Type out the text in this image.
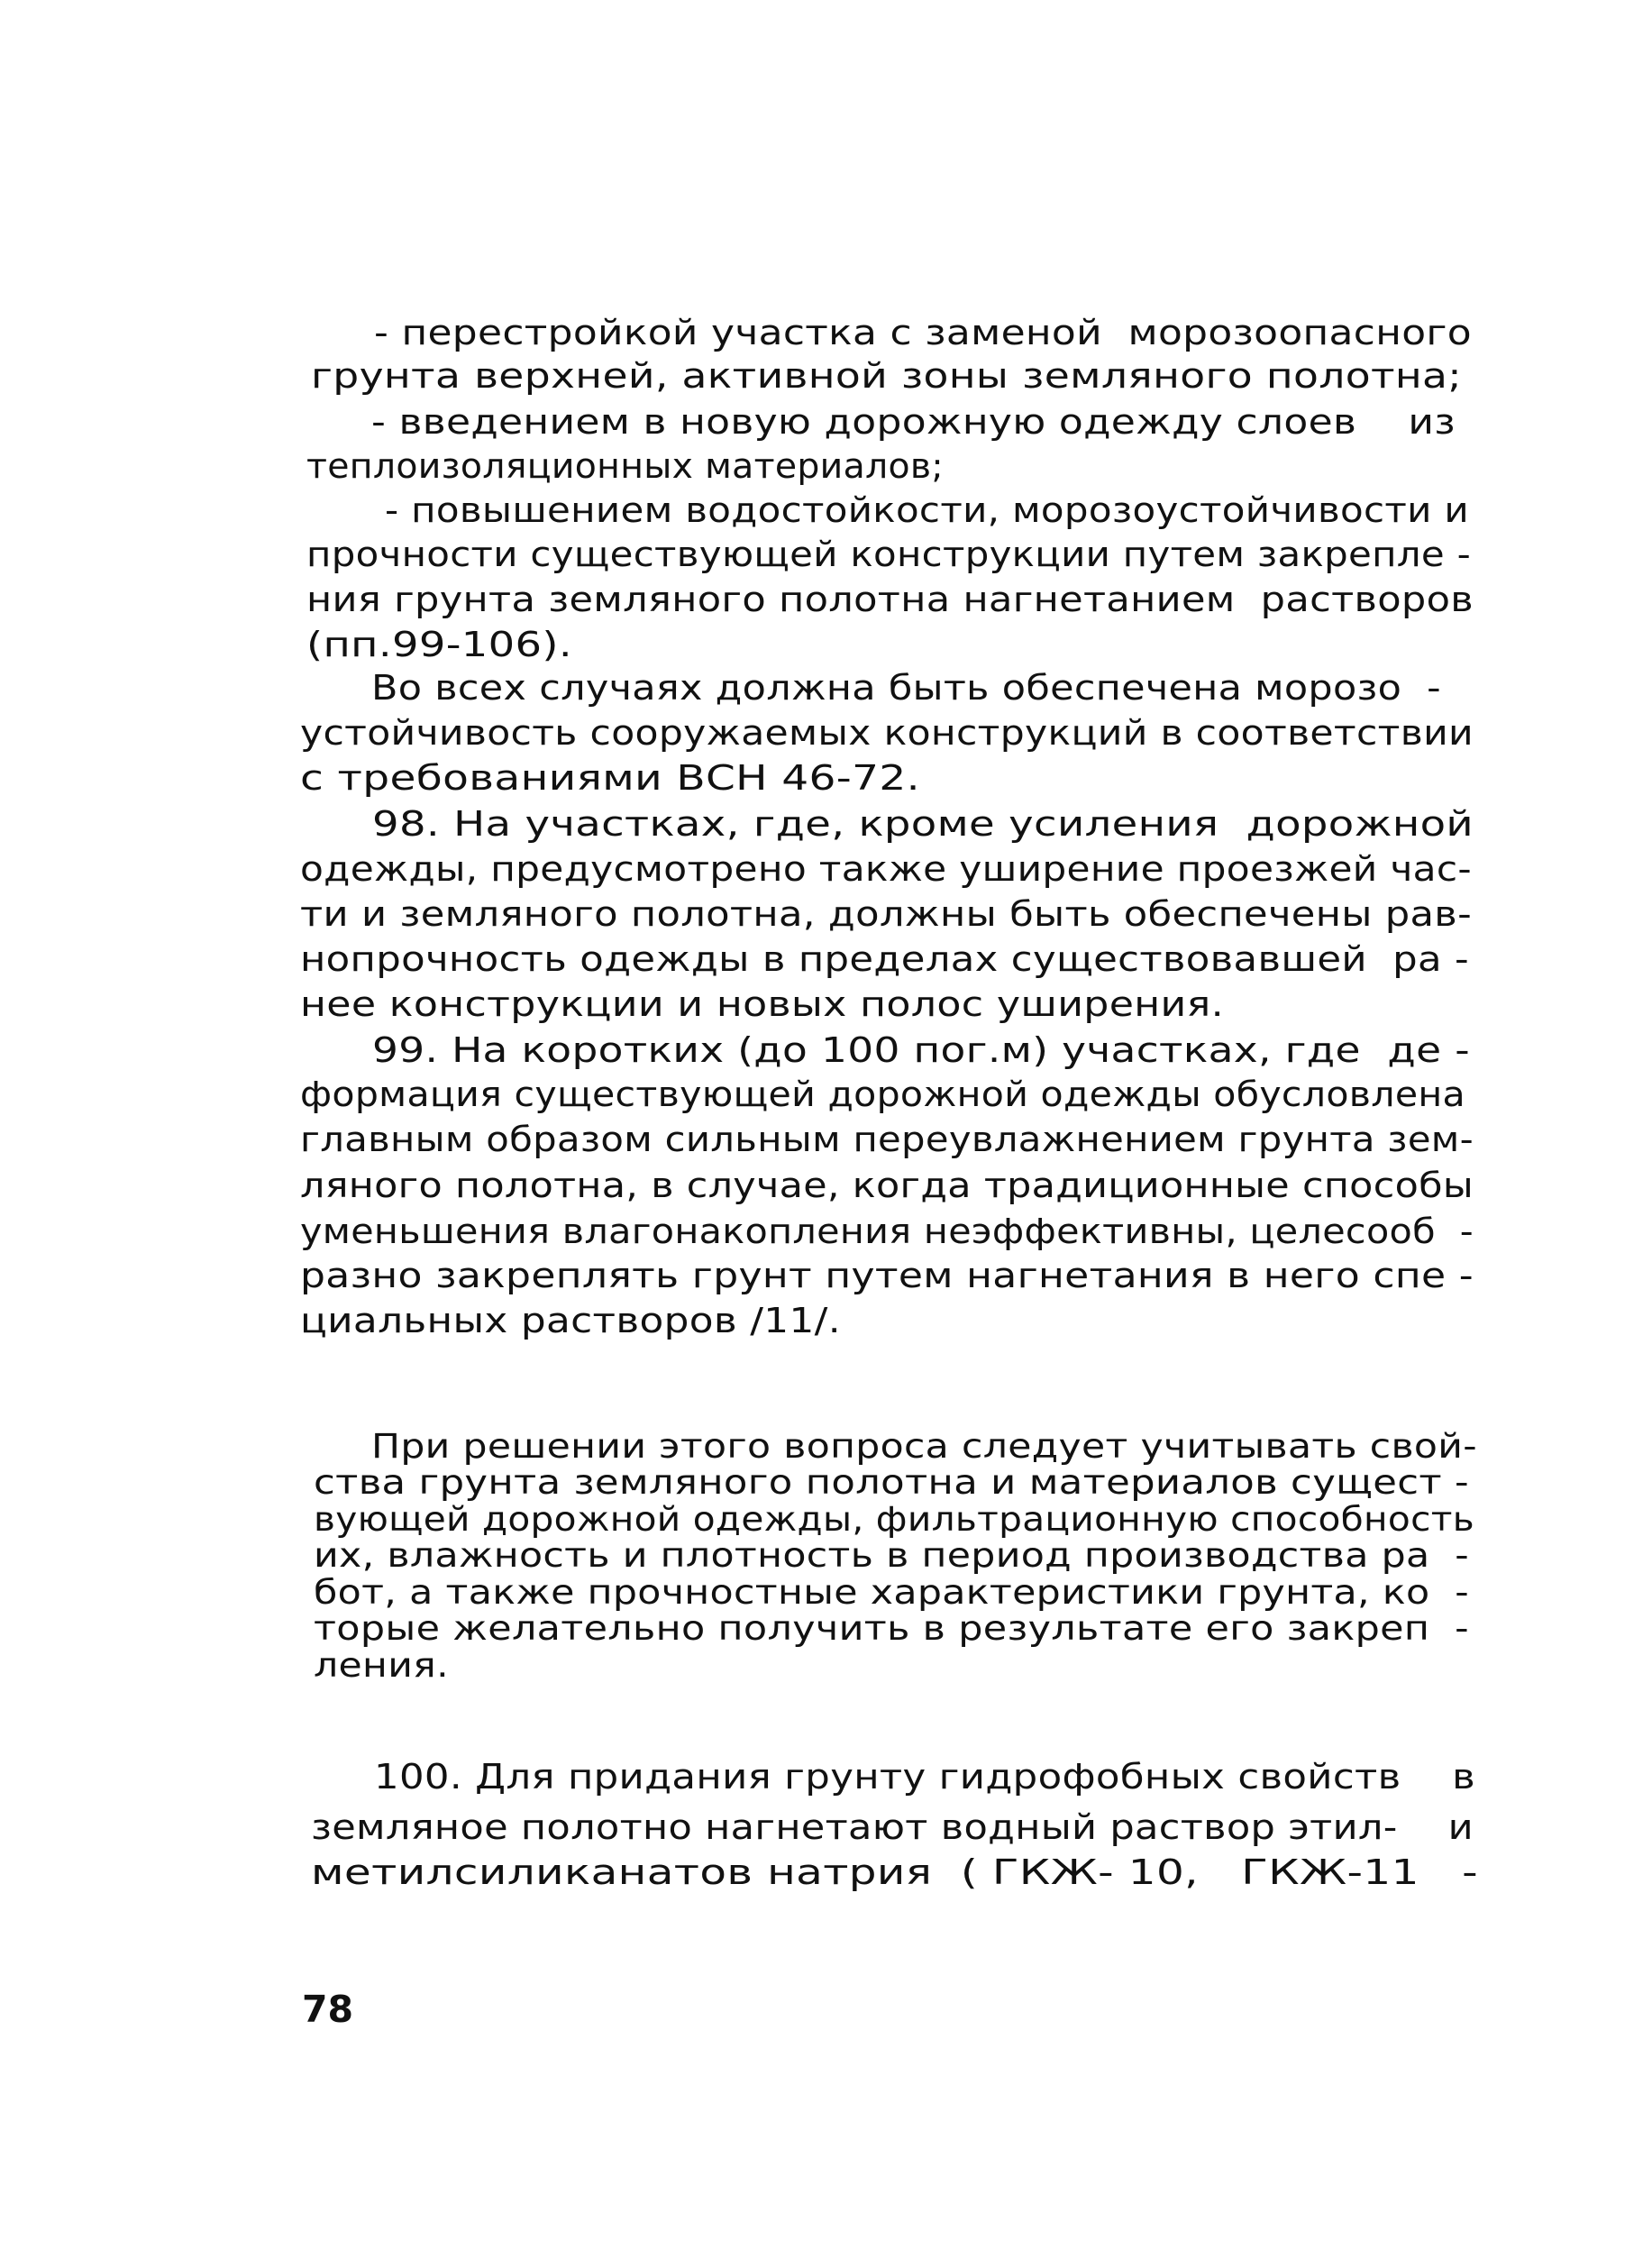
- перестройкой участка с заменой  морозоопасного
грунта верхней, активной зоны земляного полотна;
- введением в новую дорожную одежду слоев    из
теплоизоляционных материалов;
- повышением водостойкости, морозоустойчивости и
прочности существующей конструкции путем закрепле -
ния грунта земляного полотна нагнетанием  растворов
(пп.99-106).
Во всех случаях должна быть обеспечена морозо  -
устойчивость сооружаемых конструкций в соответствии
с требованиями ВСН 46-72.
98. На участках, где, кроме усиления  дорожной
одежды, предусмотрено также уширение проезжей час-
ти и земляного полотна, должны быть обеспечены рав-
нопрочность одежды в пределах существовавшей  ра -
нее конструкции и новых полос уширения.
99. На коротких (до 100 пог.м) участках, где  де -
формация существующей дорожной одежды обусловлена
главным образом сильным переувлажнением грунта зем-
ляного полотна, в случае, когда традиционные способы
уменьшения влагонакопления неэффективны, целесооб  -
разно закреплять грунт путем нагнетания в него спе -
циальных растворов /11/.
При решении этого вопроса следует учитывать свой-
ства грунта земляного полотна и материалов сущест -
вующей дорожной одежды, фильтрационную способность
их, влажность и плотность в период производства ра  -
бот, а также прочностные характеристики грунта, ко  -
торые желательно получить в результате его закреп  -
ления.
100. Для придания грунту гидрофобных свойств    в
земляное полотно нагнетают водный раствор этил-    и
метилсиликанатов натрия  ( ГКЖ- 10,   ГКЖ-11   -
78
